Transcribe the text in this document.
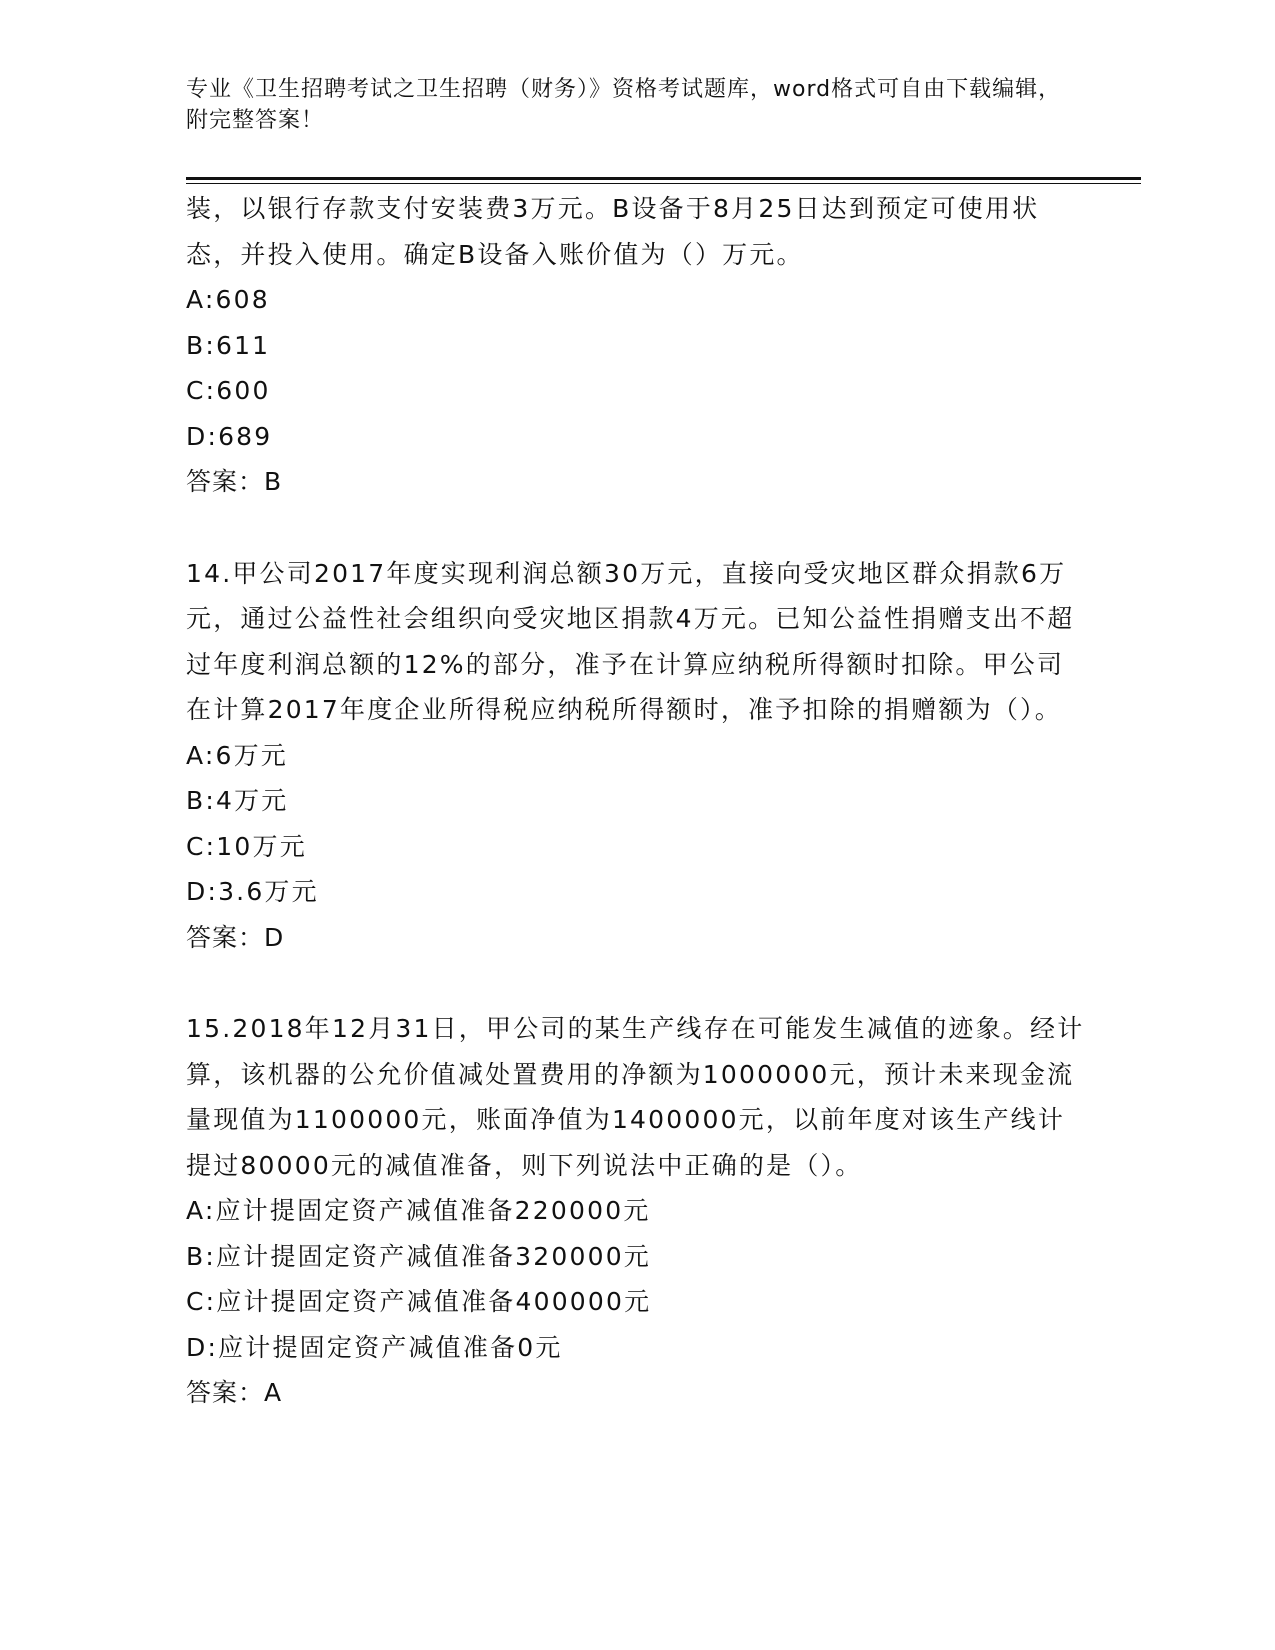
专业《卫生招聘考试之卫生招聘（财务）》资格考试题库，word格式可自由下载编辑，附完整答案！

装，以银行存款支付安装费3万元。B设备于8月25日达到预定可使用状态，并投入使用。确定B设备入账价值为（）万元。

A:608

B:611

C:600

D:689

答案：B

14.甲公司2017年度实现利润总额30万元，直接向受灾地区群众捐款6万元，通过公益性社会组织向受灾地区捐款4万元。已知公益性捐赠支出不超过年度利润总额的12%的部分，准予在计算应纳税所得额时扣除。甲公司在计算2017年度企业所得税应纳税所得额时，准予扣除的捐赠额为（）。

A:6万元

B:4万元

C:10万元

D:3.6万元

答案：D

15.2018年12月31日，甲公司的某生产线存在可能发生减值的迹象。经计算，该机器的公允价值减处置费用的净额为1000000元，预计未来现金流量现值为1100000元，账面净值为1400000元，以前年度对该生产线计提过80000元的减值准备，则下列说法中正确的是（）。

A:应计提固定资产减值准备220000元

B:应计提固定资产减值准备320000元

C:应计提固定资产减值准备400000元

D:应计提固定资产减值准备0元

答案：A
